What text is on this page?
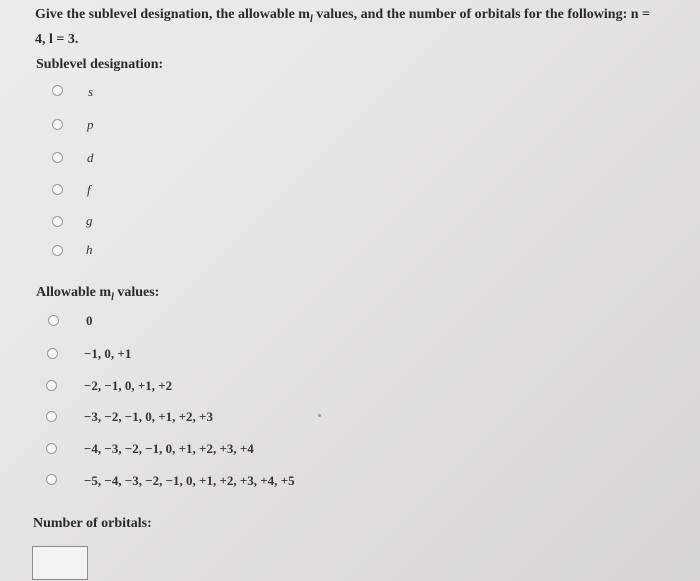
Give the sublevel designation, the allowable $m_l$ values, and the number of orbitals for the following: n =
4, l = 3.
Sublevel designation:
s
p
d
f
g
h
Allowable $m_l$ values:
0
−1, 0, +1
−2, −1, 0, +1, +2
−3, −2, −1, 0, +1, +2, +3
−4, −3, −2, −1, 0, +1, +2, +3, +4
−5, −4, −3, −2, −1, 0, +1, +2, +3, +4, +5
Number of orbitals:
